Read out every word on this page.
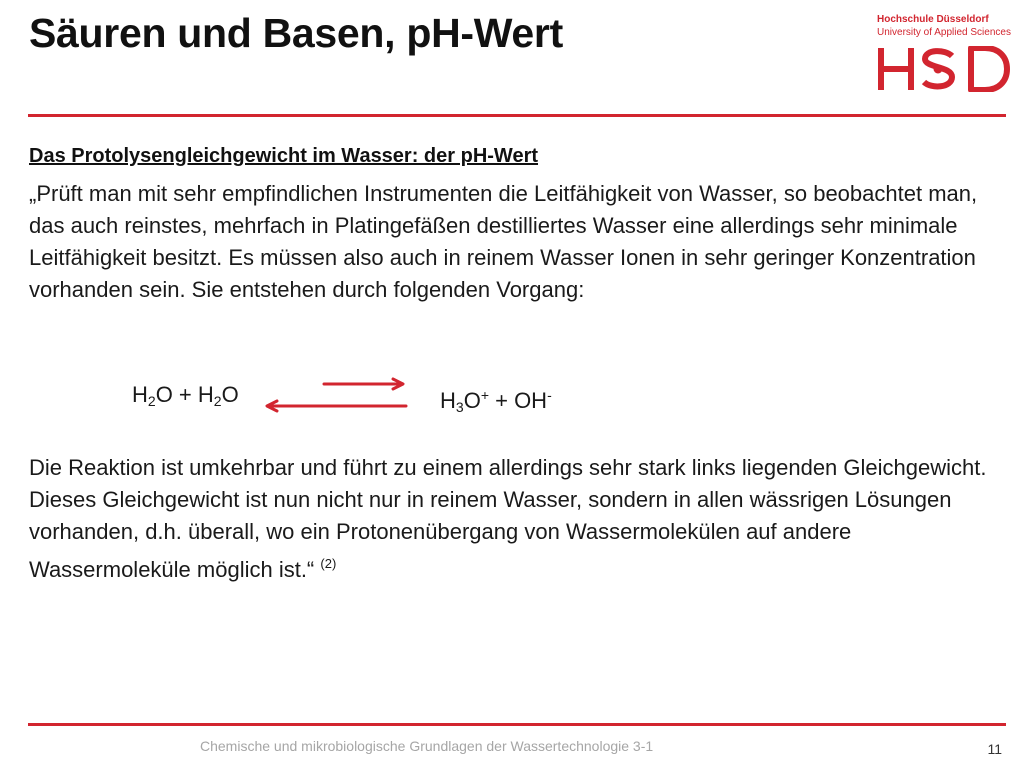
Säuren und Basen, pH-Wert	Hochschule Düsseldorf
University of Applied Sciences
Das Protolysengleichgewicht im Wasser: der pH-Wert

„Prüft man mit sehr empfindlichen Instrumenten die Leitfähigkeit von Wasser, so beobachtet man, das auch reinstes, mehrfach in Platingefäßen destilliertes Wasser eine allerdings sehr minimale Leitfähigkeit besitzt. Es müssen also auch in reinem Wasser Ionen in sehr geringer Konzentration vorhanden sein. Sie entstehen durch folgenden Vorgang:

$H_2O + H_2O$	$H_3O^+ + OH^-$

Die Reaktion ist umkehrbar und führt zu einem allerdings sehr stark links liegenden Gleichgewicht. Dieses Gleichgewicht ist nun nicht nur in reinem Wasser, sondern in allen wässrigen Lösungen vorhanden, d.h. überall, wo ein Protonenübergang von Wassermolekülen auf andere Wassermoleküle möglich ist.“ $^{(2)}$

Chemische und mikrobiologische Grundlagen der Wassertechnologie 3-1	11
